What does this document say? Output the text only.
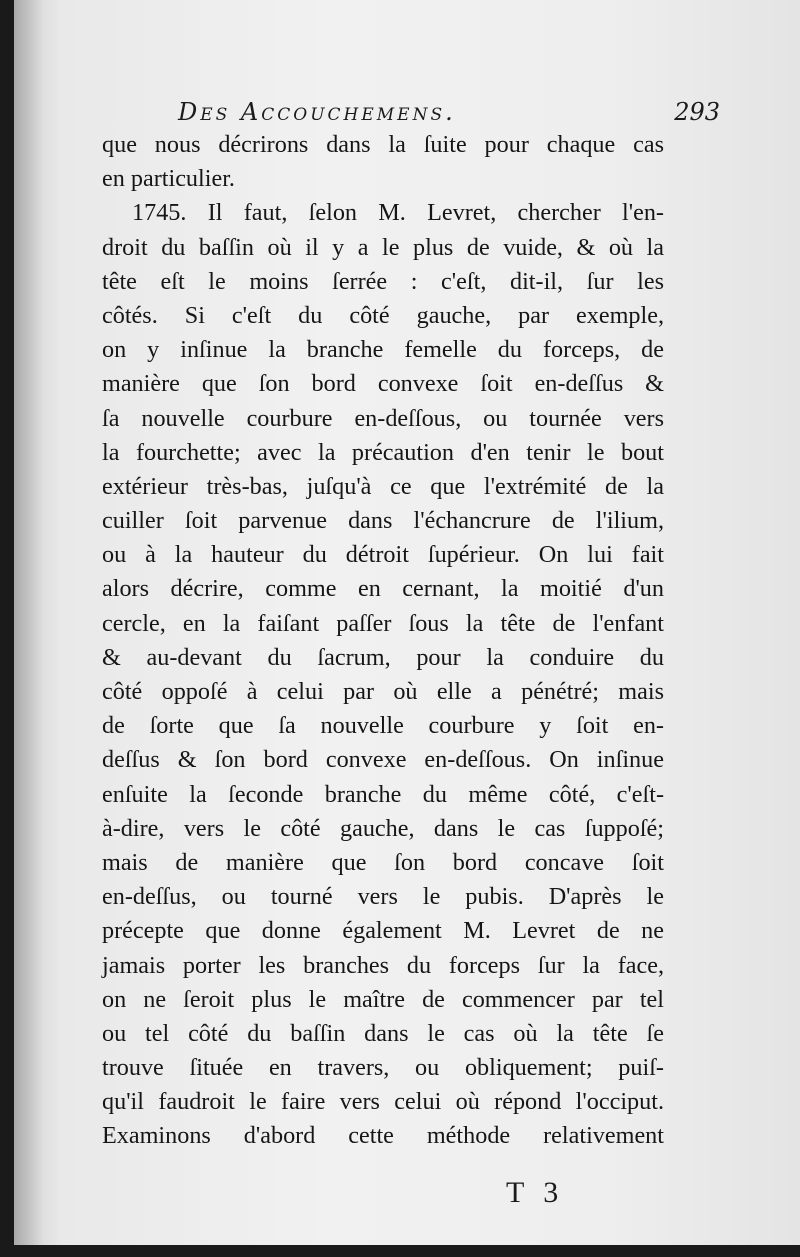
Des Accouchemens.	293
que nous décrirons dans la ſuite pour chaque cas
en particulier.
1745. Il faut, ſelon M. Levret, chercher l'en-
droit du baſſin où il y a le plus de vuide, & où la
tête eſt le moins ſerrée : c'eſt, dit-il, ſur les
côtés. Si c'eſt du côté gauche, par exemple,
on y inſinue la branche femelle du forceps, de
manière que ſon bord convexe ſoit en-deſſus &
ſa nouvelle courbure en-deſſous, ou tournée vers
la fourchette; avec la précaution d'en tenir le bout
extérieur très-bas, juſqu'à ce que l'extrémité de la
cuiller ſoit parvenue dans l'échancrure de l'ilium,
ou à la hauteur du détroit ſupérieur. On lui fait
alors décrire, comme en cernant, la moitié d'un
cercle, en la faiſant paſſer ſous la tête de l'enfant
& au-devant du ſacrum, pour la conduire du
côté oppoſé à celui par où elle a pénétré; mais
de ſorte que ſa nouvelle courbure y ſoit en-
deſſus & ſon bord convexe en-deſſous. On inſinue
enſuite la ſeconde branche du même côté, c'eſt-
à-dire, vers le côté gauche, dans le cas ſuppoſé;
mais de manière que ſon bord concave ſoit
en-deſſus, ou tourné vers le pubis. D'après le
précepte que donne également M. Levret de ne
jamais porter les branches du forceps ſur la face,
on ne ſeroit plus le maître de commencer par tel
ou tel côté du baſſin dans le cas où la tête ſe
trouve ſituée en travers, ou obliquement; puiſ-
qu'il faudroit le faire vers celui où répond l'occiput.
Examinons d'abord cette méthode relativement
T 3
